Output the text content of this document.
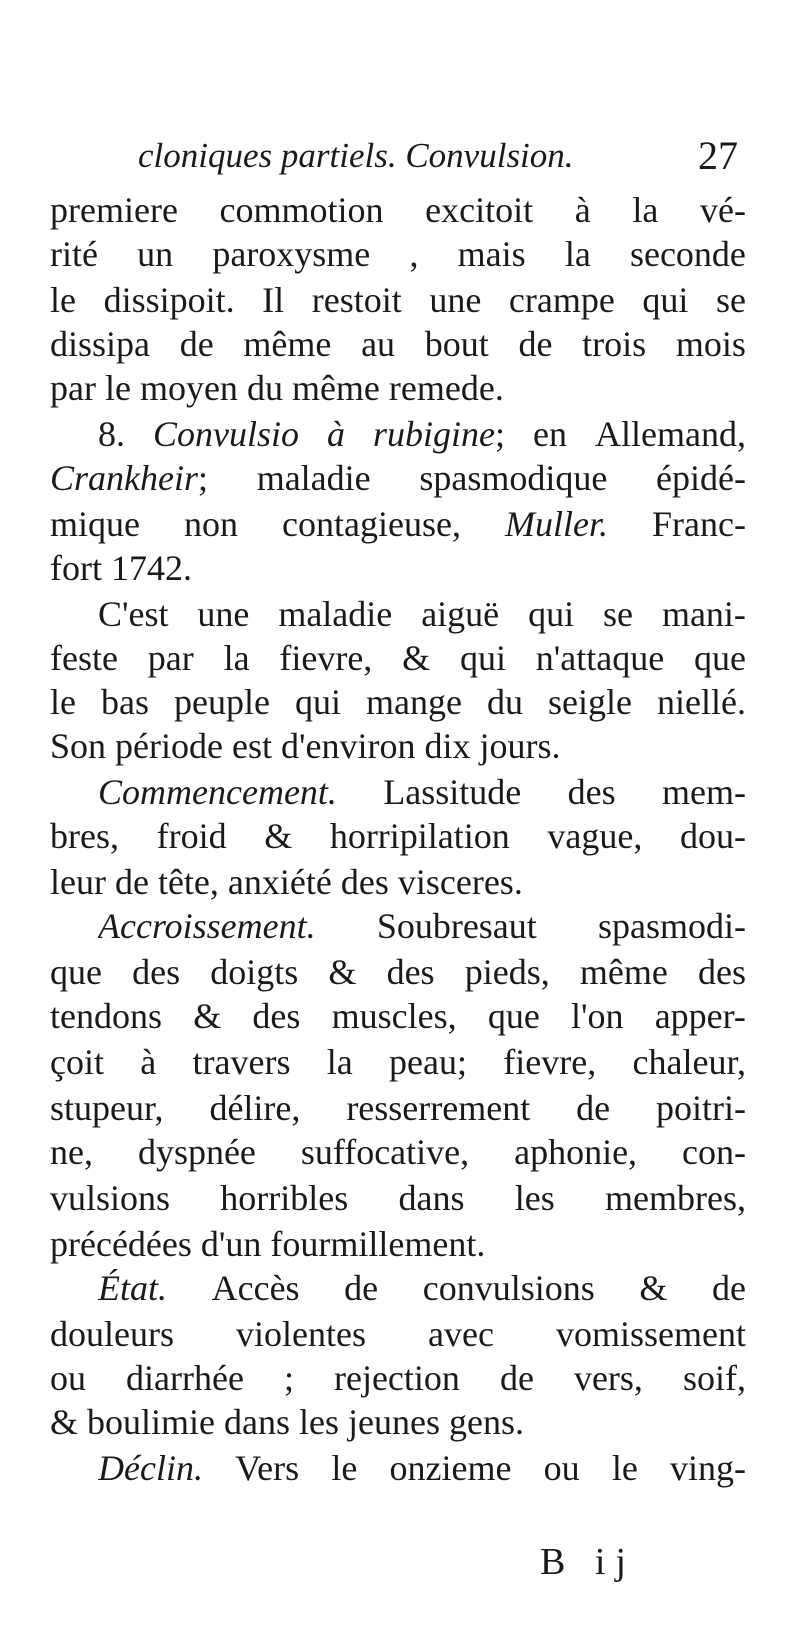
cloniques partiels. Convulsion.	27
premiere commotion excitoit à la vé-
rité un paroxysme , mais la seconde
le dissipoit. Il restoit une crampe qui se
dissipa de même au bout de trois mois
par le moyen du même remede.
8. Convulsio à rubigine; en Allemand,
Crankheir; maladie spasmodique épidé-
mique non contagieuse, Muller. Franc-
fort 1742.
C'est une maladie aiguë qui se mani-
feste par la fievre, & qui n'attaque que
le bas peuple qui mange du seigle niellé.
Son période est d'environ dix jours.
Commencement. Lassitude des mem-
bres, froid & horripilation vague, dou-
leur de tête, anxiété des visceres.
Accroissement. Soubresaut spasmodi-
que des doigts & des pieds, même des
tendons & des muscles, que l'on apper-
çoit à travers la peau; fievre, chaleur,
stupeur, délire, resserrement de poitri-
ne, dyspnée suffocative, aphonie, con-
vulsions horribles dans les membres,
précédées d'un fourmillement.
État. Accès de convulsions & de
douleurs violentes avec vomissement
ou diarrhée ; rejection de vers, soif,
& boulimie dans les jeunes gens.
Déclin. Vers le onzieme ou le ving-
B ij
